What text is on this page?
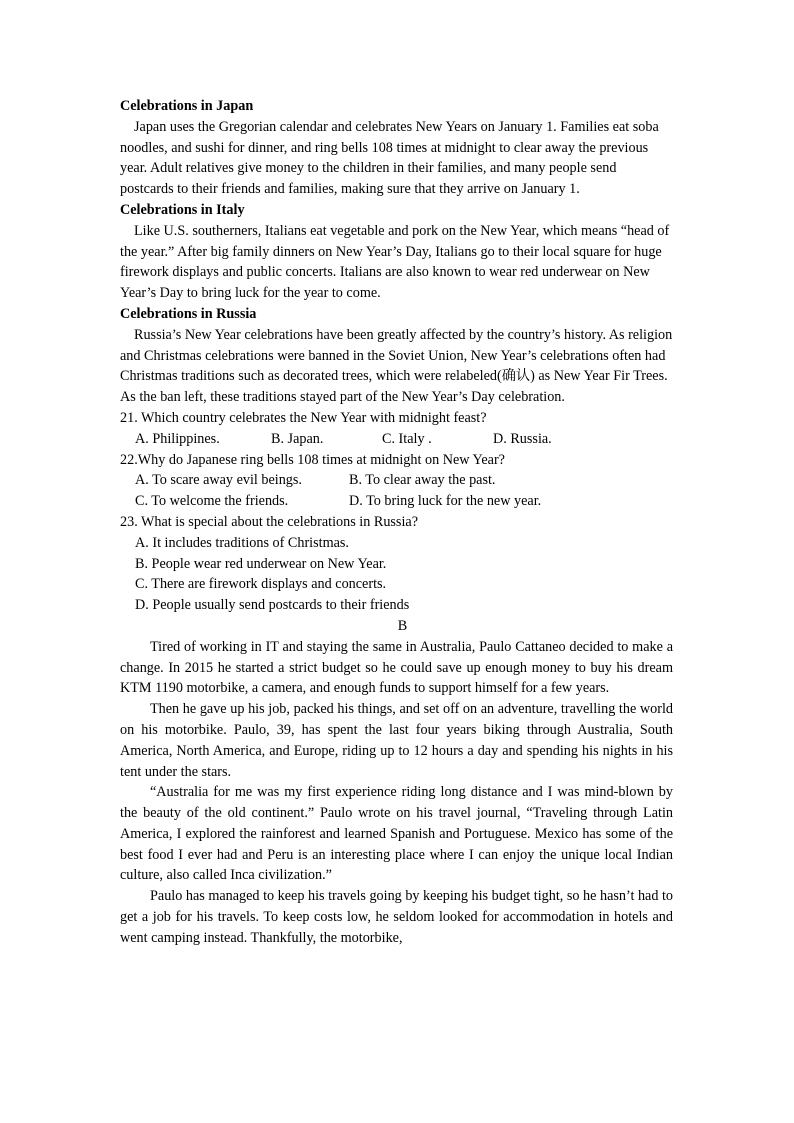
Celebrations in Japan

Japan uses the Gregorian calendar and celebrates New Years on January 1. Families eat soba noodles, and sushi for dinner, and ring bells 108 times at midnight to clear away the previous year. Adult relatives give money to the children in their families, and many people send postcards to their friends and families, making sure that they arrive on January 1.

Celebrations in Italy

Like U.S. southerners, Italians eat vegetable and pork on the New Year, which means “head of the year.” After big family dinners on New Year’s Day, Italians go to their local square for huge firework displays and public concerts. Italians are also known to wear red underwear on New Year’s Day to bring luck for the year to come.

Celebrations in Russia

Russia’s New Year celebrations have been greatly affected by the country’s history. As religion and Christmas celebrations were banned in the Soviet Union, New Year’s celebrations often had Christmas traditions such as decorated trees, which were relabeled(确认) as New Year Fir Trees. As the ban left, these traditions stayed part of the New Year’s Day celebration.

21. Which country celebrates the New Year with midnight feast?

A. Philippines.	B. Japan.	C. Italy .	D. Russia.

22.Why do Japanese ring bells 108 times at midnight on New Year?

A. To scare away evil beings.	B. To clear away the past.
C. To welcome the friends.	D. To bring luck for the new year.

23. What is special about the celebrations in Russia?

A. It includes traditions of Christmas.

B. People wear red underwear on New Year.

C. There are firework displays and concerts.

D. People usually send postcards to their friends

B

Tired of working in IT and staying the same in Australia, Paulo Cattaneo decided to make a change. In 2015 he started a strict budget so he could save up enough money to buy his dream KTM 1190 motorbike, a camera, and enough funds to support himself for a few years.

Then he gave up his job, packed his things, and set off on an adventure, travelling the world on his motorbike. Paulo, 39, has spent the last four years biking through Australia, South America, North America, and Europe, riding up to 12 hours a day and spending his nights in his tent under the stars.

“Australia for me was my first experience riding long distance and I was mind-blown by the beauty of the old continent.” Paulo wrote on his travel journal, “Traveling through Latin America, I explored the rainforest and learned Spanish and Portuguese. Mexico has some of the best food I ever had and Peru is an interesting place where I can enjoy the unique local Indian culture, also called Inca civilization.”

Paulo has managed to keep his travels going by keeping his budget tight, so he hasn’t had to get a job for his travels. To keep costs low, he seldom looked for accommodation in hotels and went camping instead. Thankfully, the motorbike,
